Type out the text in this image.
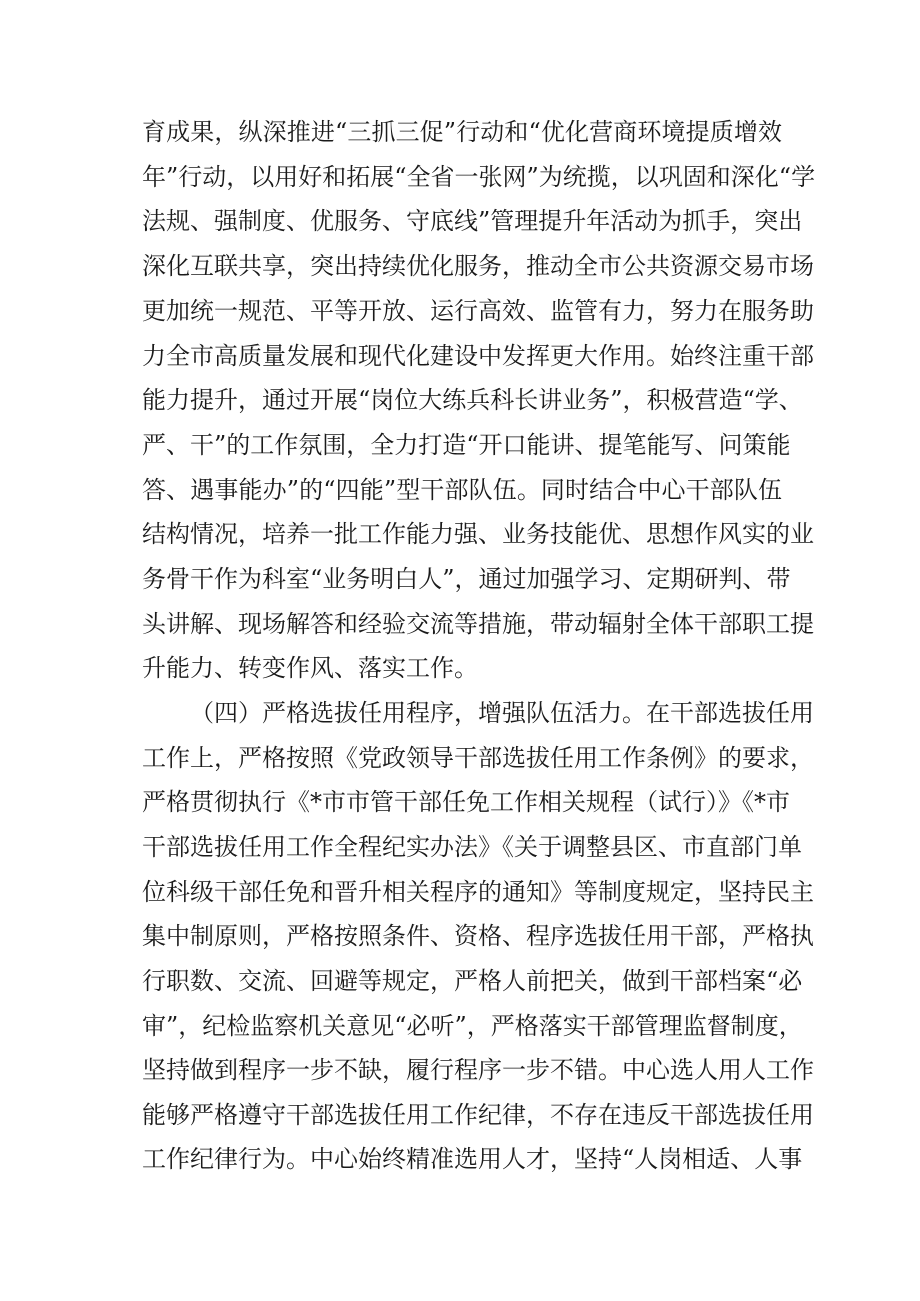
育成果，纵深推进“三抓三促”行动和“优化营商环境提质增效
年”行动，以用好和拓展“全省一张网”为统揽，以巩固和深化“学
法规、强制度、优服务、守底线”管理提升年活动为抓手，突出
深化互联共享，突出持续优化服务，推动全市公共资源交易市场
更加统一规范、平等开放、运行高效、监管有力，努力在服务助
力全市高质量发展和现代化建设中发挥更大作用。始终注重干部
能力提升，通过开展“岗位大练兵科长讲业务”，积极营造“学、
严、干”的工作氛围，全力打造“开口能讲、提笔能写、问策能
答、遇事能办”的“四能”型干部队伍。同时结合中心干部队伍
结构情况，培养一批工作能力强、业务技能优、思想作风实的业
务骨干作为科室“业务明白人”，通过加强学习、定期研判、带
头讲解、现场解答和经验交流等措施，带动辐射全体干部职工提
升能力、转变作风、落实工作。
（四）严格选拔任用程序，增强队伍活力。在干部选拔任用
工作上，严格按照《党政领导干部选拔任用工作条例》的要求，
严格贯彻执行《*市市管干部任免工作相关规程（试行）》《*市
干部选拔任用工作全程纪实办法》《关于调整县区、市直部门单
位科级干部任免和晋升相关程序的通知》等制度规定，坚持民主
集中制原则，严格按照条件、资格、程序选拔任用干部，严格执
行职数、交流、回避等规定，严格人前把关，做到干部档案“必
审”，纪检监察机关意见“必听”，严格落实干部管理监督制度，
坚持做到程序一步不缺，履行程序一步不错。中心选人用人工作
能够严格遵守干部选拔任用工作纪律，不存在违反干部选拔任用
工作纪律行为。中心始终精准选用人才，坚持“人岗相适、人事
